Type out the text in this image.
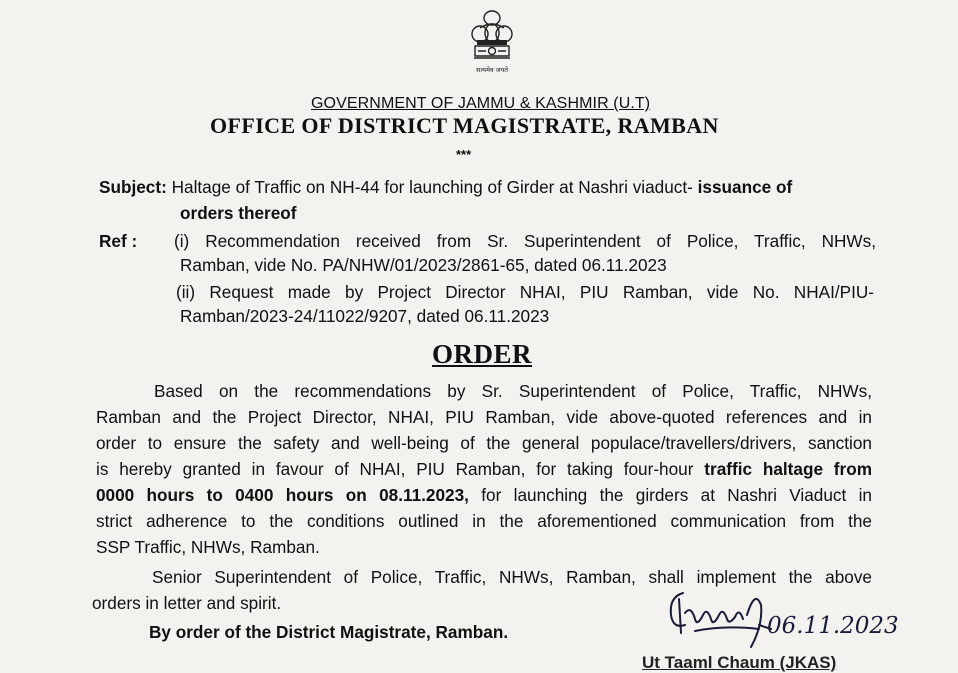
सत्यमेव जयते
GOVERNMENT OF JAMMU & KASHMIR (U.T)
OFFICE OF DISTRICT MAGISTRATE, RAMBAN
***
Subject: Haltage of Traffic on NH-44 for launching of Girder at Nashri viaduct- issuance of
orders thereof
Ref : (i) Recommendation received from Sr. Superintendent of Police, Traffic, NHWs,
Ramban, vide No. PA/NHW/01/2023/2861-65, dated 06.11.2023
(ii) Request made by Project Director NHAI, PIU Ramban, vide No. NHAI/PIU-
Ramban/2023-24/11022/9207, dated 06.11.2023
ORDER
Based on the recommendations by Sr. Superintendent of Police, Traffic, NHWs,
Ramban and the Project Director, NHAI, PIU Ramban, vide above-quoted references and in
order to ensure the safety and well-being of the general populace/travellers/drivers, sanction
is hereby granted in favour of NHAI, PIU Ramban, for taking four-hour traffic haltage from
0000 hours to 0400 hours on 08.11.2023, for launching the girders at Nashri Viaduct in
strict adherence to the conditions outlined in the aforementioned communication from the
SSP Traffic, NHWs, Ramban.
Senior Superintendent of Police, Traffic, NHWs, Ramban, shall implement the above
orders in letter and spirit.
By order of the District Magistrate, Ramban.	06.11.2023
Ut Taaml Chaum (JKAS)
